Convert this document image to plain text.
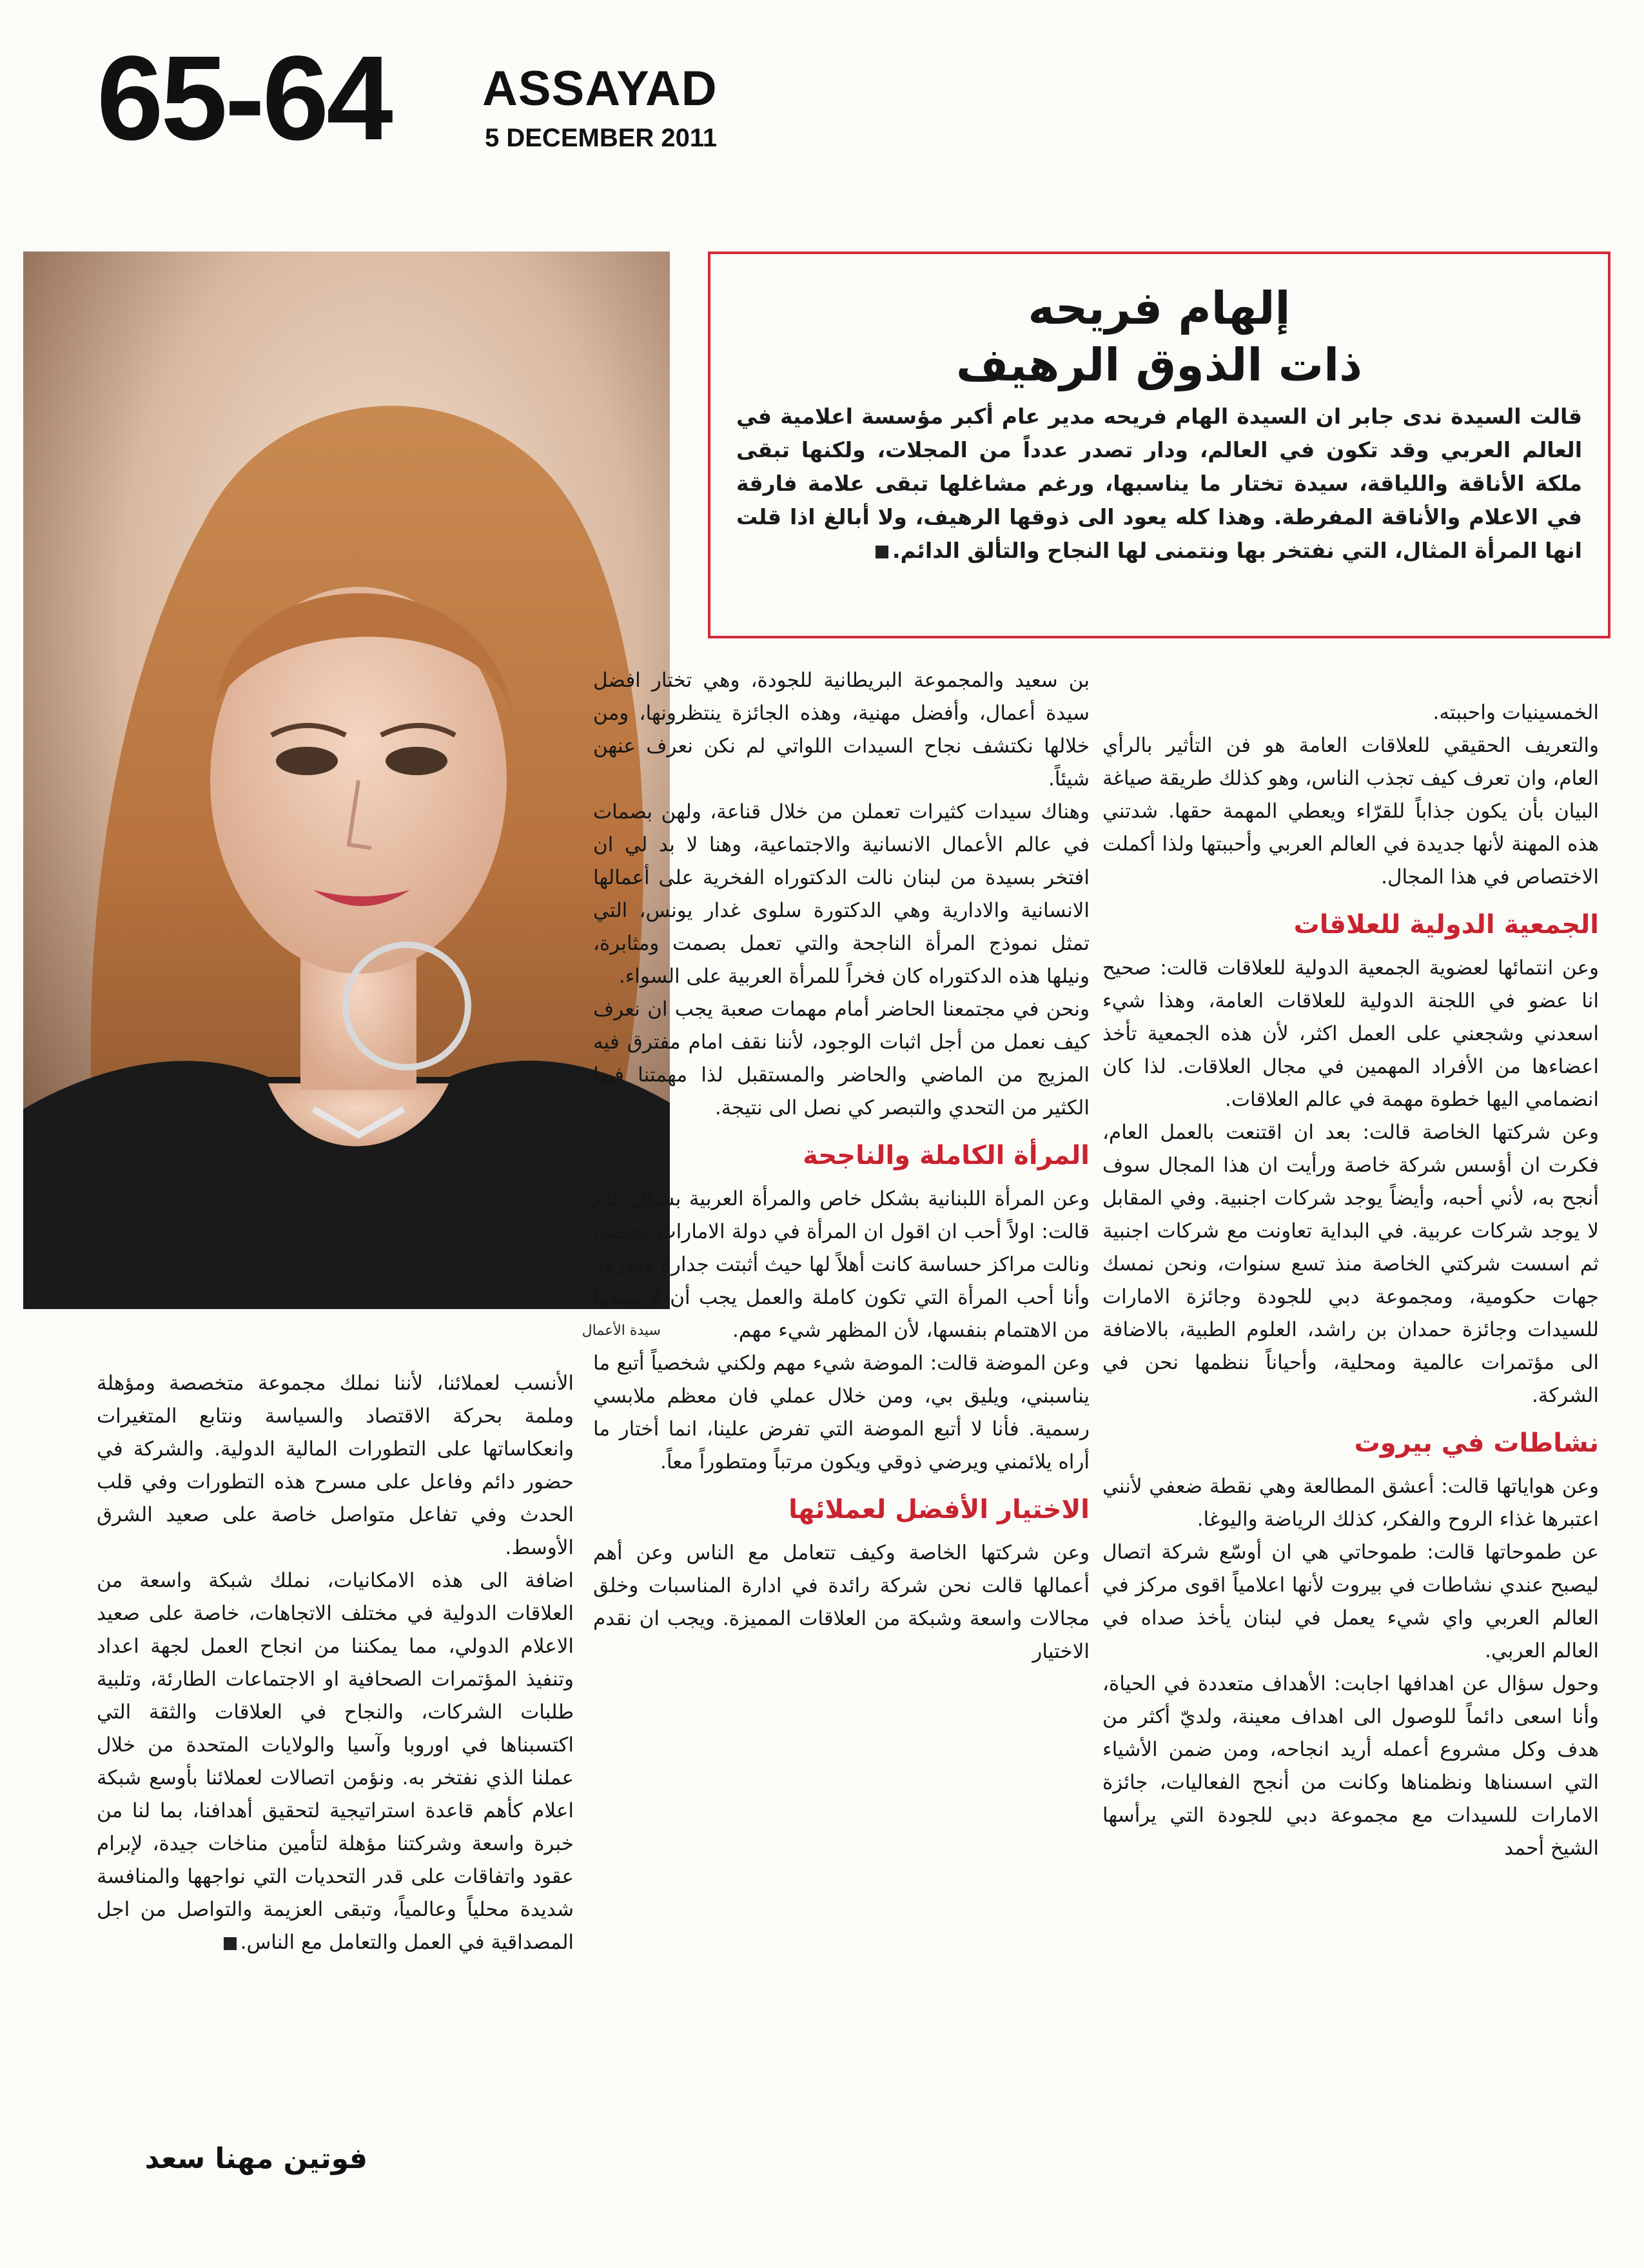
65-64 ASSAYAD
5 DECEMBER 2011
سيدة الأعمال
إلهام فريحه
ذات الذوق الرهيف
قالت السيدة ندى جابر ان السيدة الهام فريحه مدير عام أكبر مؤسسة اعلامية في العالم العربي وقد تكون في العالم، ودار تصدر عدداً من المجلات، ولكنها تبقى ملكة الأناقة واللياقة، سيدة تختار ما يناسبها، ورغم مشاغلها تبقى علامة فارقة في الاعلام والأناقة المفرطة. وهذا كله يعود الى ذوقها الرهيف، ولا أبالغ اذا قلت انها المرأة المثال، التي نفتخر بها ونتمنى لها النجاح والتألق الدائم.

الخمسينيات واحببته.

والتعريف الحقيقي للعلاقات العامة هو فن التأثير بالرأي العام، وان تعرف كيف تجذب الناس، وهو كذلك طريقة صياغة البيان بأن يكون جذاباً للقرّاء ويعطي المهمة حقها. شدتني هذه المهنة لأنها جديدة في العالم العربي وأحببتها ولذا أكملت الاختصاص في هذا المجال.

الجمعية الدولية للعلاقات

وعن انتمائها لعضوية الجمعية الدولية للعلاقات قالت: صحيح انا عضو في اللجنة الدولية للعلاقات العامة، وهذا شيء اسعدني وشجعني على العمل اكثر، لأن هذه الجمعية تأخذ اعضاءها من الأفراد المهمين في مجال العلاقات. لذا كان انضمامي اليها خطوة مهمة في عالم العلاقات.

وعن شركتها الخاصة قالت: بعد ان اقتنعت بالعمل العام، فكرت ان أؤسس شركة خاصة ورأيت ان هذا المجال سوف أنجح به، لأني أحبه، وأيضاً يوجد شركات اجنبية. وفي المقابل لا يوجد شركات عربية. في البداية تعاونت مع شركات اجنبية ثم اسست شركتي الخاصة منذ تسع سنوات، ونحن نمسك جهات حكومية، ومجموعة دبي للجودة وجائزة الامارات للسيدات وجائزة حمدان بن راشد، العلوم الطبية، بالاضافة الى مؤتمرات عالمية ومحلية، وأحياناً ننظمها نحن في الشركة.

نشاطات في بيروت

وعن هواياتها قالت: أعشق المطالعة وهي نقطة ضعفي لأنني اعتبرها غذاء الروح والفكر، كذلك الرياضة واليوغا.

عن طموحاتها قالت: طموحاتي هي ان أوسّع شركة اتصال ليصبح عندي نشاطات في بيروت لأنها اعلامياً اقوى مركز في العالم العربي واي شيء يعمل في لبنان يأخذ صداه في العالم العربي.

وحول سؤال عن اهدافها اجابت: الأهداف متعددة في الحياة، وأنا اسعى دائماً للوصول الى اهداف معينة، ولديّ أكثر من هدف وكل مشروع أعمله أريد انجاحه، ومن ضمن الأشياء التي اسسناها ونظمناها وكانت من أنجح الفعاليات، جائزة الامارات للسيدات مع مجموعة دبي للجودة التي يرأسها الشيخ أحمد

بن سعيد والمجموعة البريطانية للجودة، وهي تختار افضل سيدة أعمال، وأفضل مهنية، وهذه الجائزة ينتظرونها، ومن خلالها نكتشف نجاح السيدات اللواتي لم نكن نعرف عنهن شيئاً.

وهناك سيدات كثيرات تعملن من خلال قناعة، ولهن بصمات في عالم الأعمال الانسانية والاجتماعية، وهنا لا بد لي ان افتخر بسيدة من لبنان نالت الدكتوراه الفخرية على أعمالها الانسانية والادارية وهي الدكتورة سلوى غدار يونس، التي تمثل نموذج المرأة الناجحة والتي تعمل بصمت ومثابرة، ونيلها هذه الدكتوراه كان فخراً للمرأة العربية على السواء.

ونحن في مجتمعنا الحاضر أمام مهمات صعبة يجب ان نعرف كيف نعمل من أجل اثبات الوجود، لأننا نقف امام مفترق فيه المزيج من الماضي والحاضر والمستقبل لذا مهمتنا فيها الكثير من التحدي والتبصر كي نصل الى نتيجة.

المرأة الكاملة والناجحة

وعن المرأة اللبنانية بشكل خاص والمرأة العربية بشكل عام قالت: اولاً أحب ان اقول ان المرأة في دولة الامارات نجحت، ونالت مراكز حساسة كانت أهلاً لها حيث أثبتت جدارة وقدرة.

وأنا أحب المرأة التي تكون كاملة والعمل يجب أن لا يمنعها من الاهتمام بنفسها، لأن المظهر شيء مهم.

وعن الموضة قالت: الموضة شيء مهم ولكني شخصياً أتبع ما يناسبني، ويليق بي، ومن خلال عملي فان معظم ملابسي رسمية. فأنا لا أتبع الموضة التي تفرض علينا، انما أختار ما أراه يلائمني ويرضي ذوقي ويكون مرتباً ومتطوراً معاً.

الاختيار الأفضل لعملائها

وعن شركتها الخاصة وكيف تتعامل مع الناس وعن أهم أعمالها قالت نحن شركة رائدة في ادارة المناسبات وخلق مجالات واسعة وشبكة من العلاقات المميزة. ويجب ان نقدم الاختيار

الأنسب لعملائنا، لأننا نملك مجموعة متخصصة ومؤهلة وملمة بحركة الاقتصاد والسياسة ونتابع المتغيرات وانعكاساتها على التطورات المالية الدولية. والشركة في حضور دائم وفاعل على مسرح هذه التطورات وفي قلب الحدث وفي تفاعل متواصل خاصة على صعيد الشرق الأوسط.

اضافة الى هذه الامكانيات، نملك شبكة واسعة من العلاقات الدولية في مختلف الاتجاهات، خاصة على صعيد الاعلام الدولي، مما يمكننا من انجاح العمل لجهة اعداد وتنفيذ المؤتمرات الصحافية او الاجتماعات الطارئة، وتلبية طلبات الشركات، والنجاح في العلاقات والثقة التي اكتسبناها في اوروبا وآسيا والولايات المتحدة من خلال عملنا الذي نفتخر به. ونؤمن اتصالات لعملائنا بأوسع شبكة اعلام كأهم قاعدة استراتيجية لتحقيق أهدافنا، بما لنا من خبرة واسعة وشركتنا مؤهلة لتأمين مناخات جيدة، لإبرام عقود واتفاقات على قدر التحديات التي نواجهها والمنافسة شديدة محلياً وعالمياً، وتبقى العزيمة والتواصل من اجل المصداقية في العمل والتعامل مع الناس.

فوتين مهنا سعد
